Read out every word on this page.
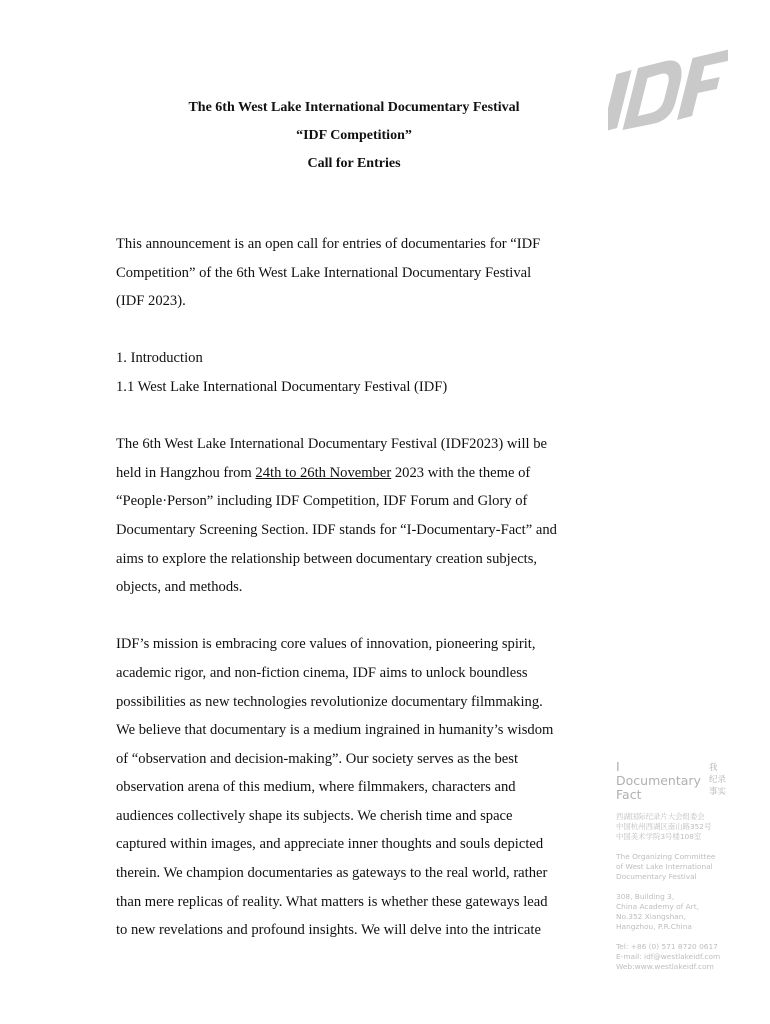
The 6th West Lake International Documentary Festival

“IDF Competition”

Call for Entries

This announcement is an open call for entries of documentaries for “IDF

Competition” of the 6th West Lake International Documentary Festival

(IDF 2023).

1. Introduction

1.1 West Lake International Documentary Festival (IDF)

The 6th West Lake International Documentary Festival (IDF2023) will be

held in Hangzhou from 24th to 26th November 2023 with the theme of

“People·Person” including IDF Competition, IDF Forum and Glory of

Documentary Screening Section. IDF stands for “I-Documentary-Fact” and

aims to explore the relationship between documentary creation subjects,

objects, and methods.

IDF’s mission is embracing core values of innovation, pioneering spirit,

academic rigor, and non-fiction cinema, IDF aims to unlock boundless

possibilities as new technologies revolutionize documentary filmmaking.

We believe that documentary is a medium ingrained in humanity’s wisdom

of “observation and decision-making”. Our society serves as the best

observation arena of this medium, where filmmakers, characters and

audiences collectively shape its subjects. We cherish time and space

captured within images, and appreciate inner thoughts and souls depicted

therein. We champion documentaries as gateways to the real world, rather

than mere replicas of reality. What matters is whether these gateways lead

to new revelations and profound insights. We will delve into the intricate

I
Documentary
Fact
我
纪录
事实
西湖国际纪录片大会组委会
中国杭州西湖区南山路352号
中国美术学院3号楼108室
The Organizing Committee
of West Lake International
Documentary Festival
308, Building 3,
China Academy of Art,
No.352 Xiangshan,
Hangzhou, P.R.China
Tel: +86 (0) 571 8720 0617
E-mail: idf@westlakeidf.com
Web:www.westlakeidf.com
